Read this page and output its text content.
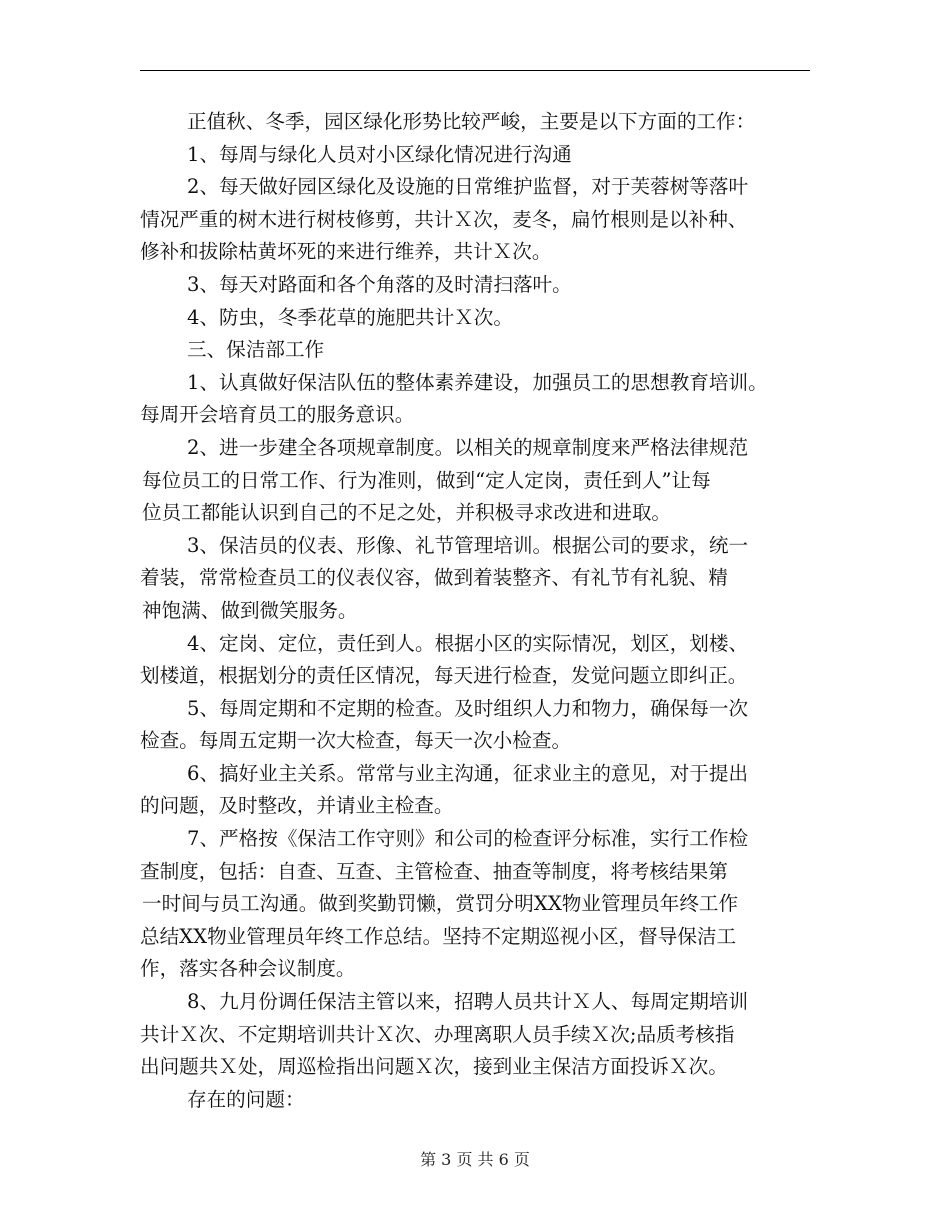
正值秋、冬季，园区绿化形势比较严峻，主要是以下方面的工作：
1、每周与绿化人员对小区绿化情况进行沟通
2、每天做好园区绿化及设施的日常维护监督，对于芙蓉树等落叶
情况严重的树木进行树枝修剪，共计Ｘ次，麦冬，扁竹根则是以补种、
修补和拔除枯黄坏死的来进行维养，共计Ｘ次。
3、每天对路面和各个角落的及时清扫落叶。
4、防虫，冬季花草的施肥共计Ｘ次。
三、保洁部工作
1、认真做好保洁队伍的整体素养建设，加强员工的思想教育培训。
每周开会培育员工的服务意识。
2、进一步建全各项规章制度。以相关的规章制度来严格法律规范
每位员工的日常工作、行为准则，做到“定人定岗，责任到人”让每
位员工都能认识到自己的不足之处，并积极寻求改进和进取。
3、保洁员的仪表、形像、礼节管理培训。根据公司的要求，统一
着装，常常检查员工的仪表仪容，做到着装整齐、有礼节有礼貌、精
神饱满、做到微笑服务。
4、定岗、定位，责任到人。根据小区的实际情况，划区，划楼、
划楼道，根据划分的责任区情况，每天进行检查，发觉问题立即纠正。
5、每周定期和不定期的检查。及时组织人力和物力，确保每一次
检查。每周五定期一次大检查，每天一次小检查。
6、搞好业主关系。常常与业主沟通，征求业主的意见，对于提出
的问题，及时整改，并请业主检查。
7、严格按《保洁工作守则》和公司的检查评分标准，实行工作检
查制度，包括：自查、互查、主管检查、抽查等制度，将考核结果第
一时间与员工沟通。做到奖勤罚懒，赏罚分明XX物业管理员年终工作
总结XX物业管理员年终工作总结。坚持不定期巡视小区，督导保洁工
作，落实各种会议制度。
8、九月份调任保洁主管以来，招聘人员共计Ｘ人、每周定期培训
共计Ｘ次、不定期培训共计Ｘ次、办理离职人员手续Ｘ次;品质考核指
出问题共Ｘ处，周巡检指出问题Ｘ次，接到业主保洁方面投诉Ｘ次。
存在的问题：
第 3 页 共 6 页
